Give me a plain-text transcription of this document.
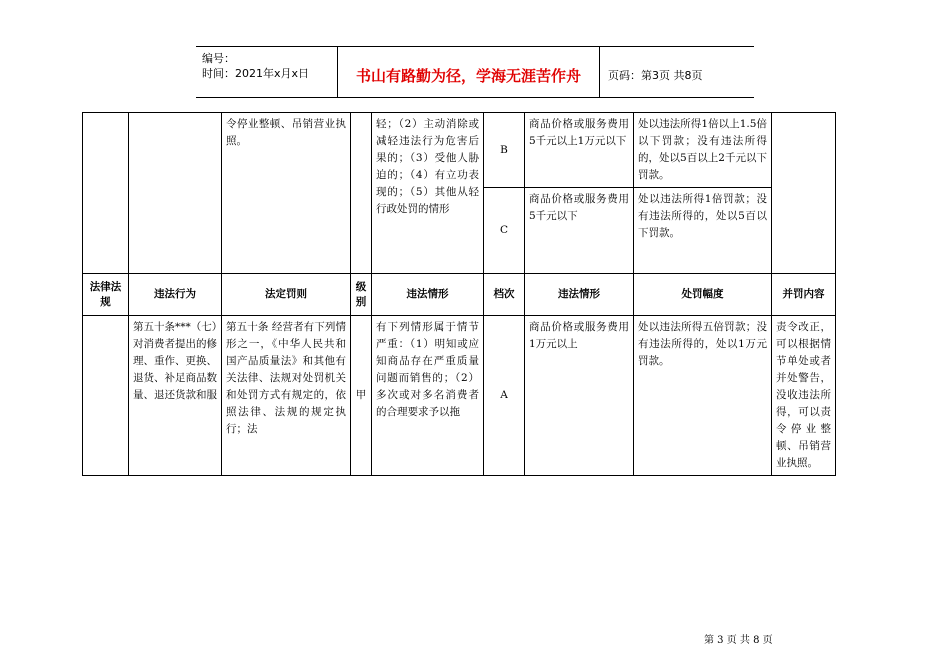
编号：
时间：2021年x月x日	书山有路勤为径，学海无涯苦作舟	页码：第3页 共8页
		令停业整顿、吊销营业执照。		轻；（2）主动消除或减轻违法行为危害后果的；（3）受他人胁迫的；（4）有立功表现的；（5）其他从轻行政处罚的情形	B	商品价格或服务费用5千元以上1万元以下	处以违法所得1倍以上1.5倍以下罚款；没有违法所得的，处以5百以上2千元以下罚款。	
					C	商品价格或服务费用5千元以下	处以违法所得1倍罚款；没有违法所得的，处以5百以下罚款。	
法律法规	违法行为	法定罚则	级别	违法情形	档次	违法情形	处罚幅度	并罚内容
	第五十条***（七）对消费者提出的修理、重作、更换、退货、补足商品数量、退还货款和服	第五十条 经营者有下列情形之一，《中华人民共和国产品质量法》和其他有关法律、法规对处罚机关和处罚方式有规定的，依照法律、法规的规定执行；法	甲	有下列情形属于情节严重：（1）明知或应知商品存在严重质量问题而销售的；（2）多次或对多名消费者的合理要求予以拖	A	商品价格或服务费用1万元以上	处以违法所得五倍罚款；没有违法所得的，处以1万元罚款。	责令改正，可以根据情节单处或者并处警告，没收违法所得，可以责令停业整顿、吊销营业执照。
第 3 页 共 8 页
